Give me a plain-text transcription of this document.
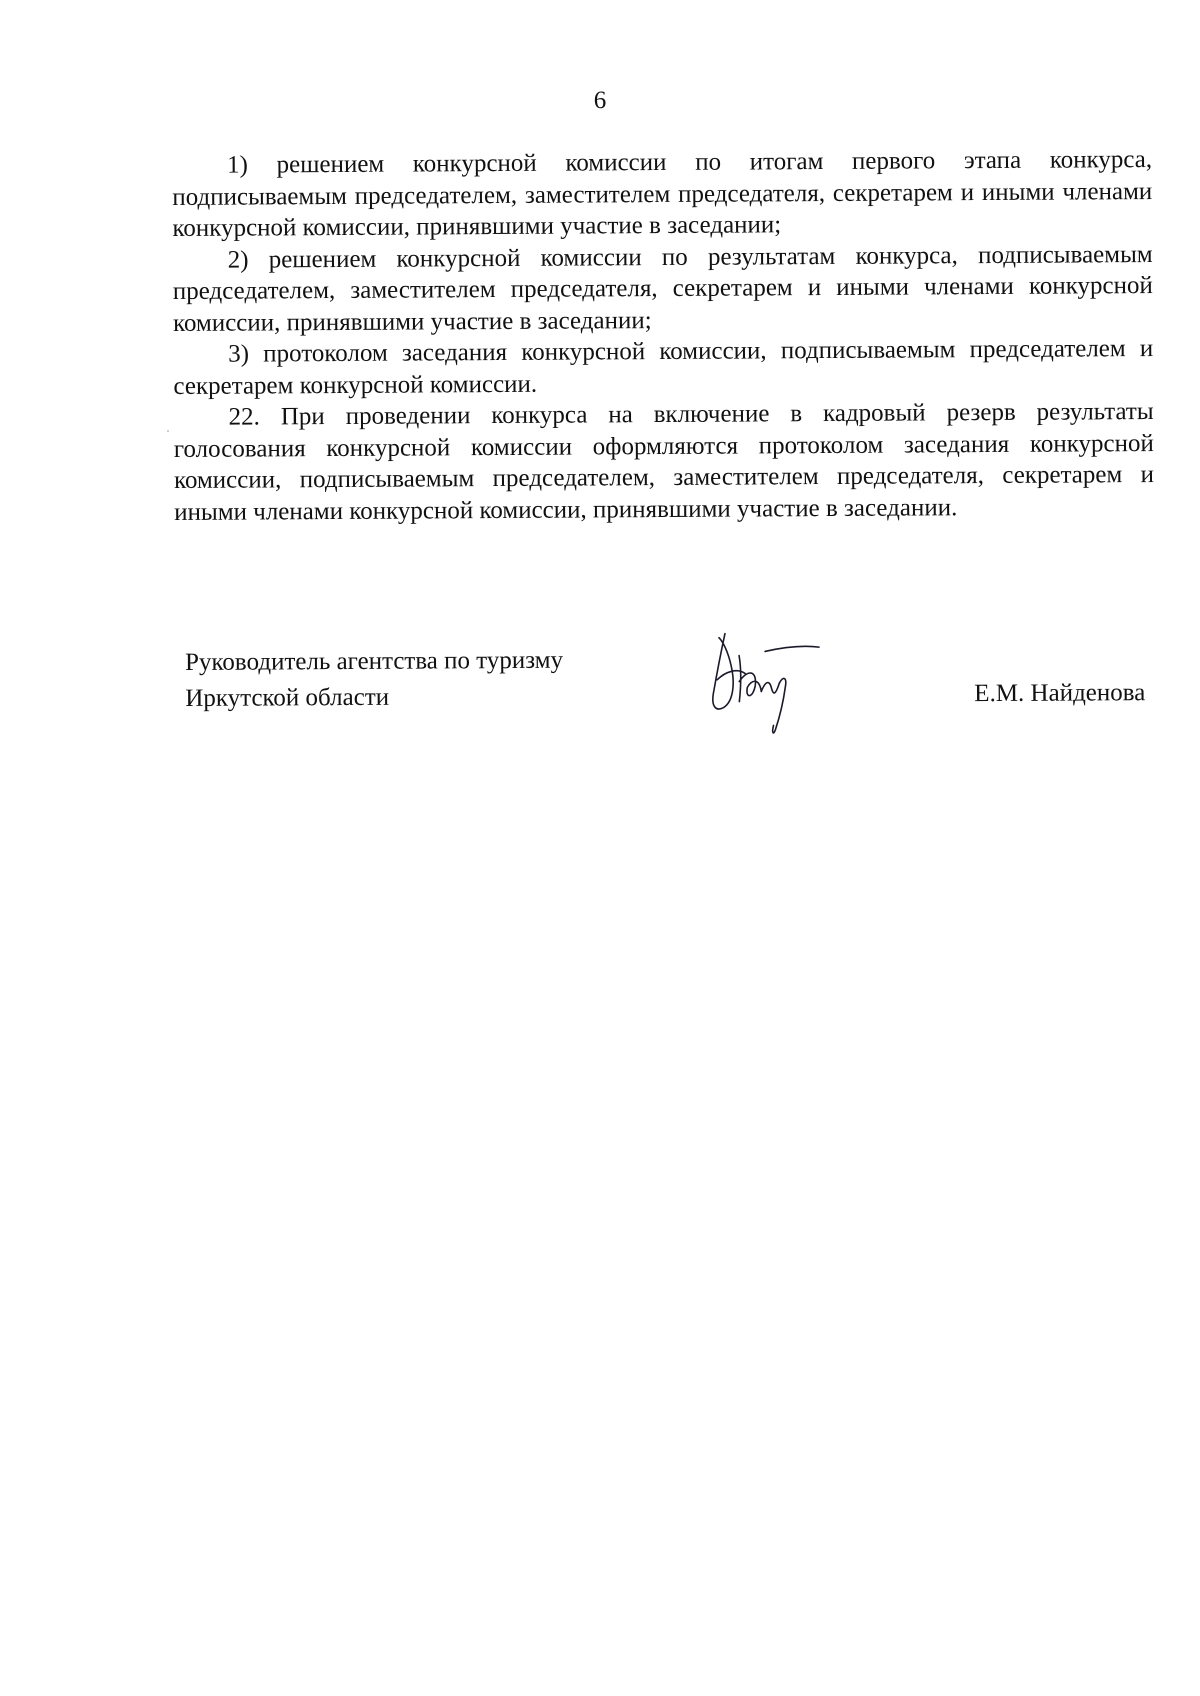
6

1) решением конкурсной комиссии по итогам первого этапа конкурса, подписываемым председателем, заместителем председателя, секретарем и иными членами конкурсной комиссии, принявшими участие в заседании;

2) решением конкурсной комиссии по результатам конкурса, подписываемым председателем, заместителем председателя, секретарем и иными членами конкурсной комиссии, принявшими участие в заседании;

3) протоколом заседания конкурсной комиссии, подписываемым председателем и секретарем конкурсной комиссии.

22. При проведении конкурса на включение в кадровый резерв результаты голосования конкурсной комиссии оформляются протоколом заседания конкурсной комиссии, подписываемым председателем, заместителем председателя, секретарем и иными членами конкурсной комиссии, принявшими участие в заседании.

Руководитель агентства по туризму
Иркутской области	Е.М. Найденова
